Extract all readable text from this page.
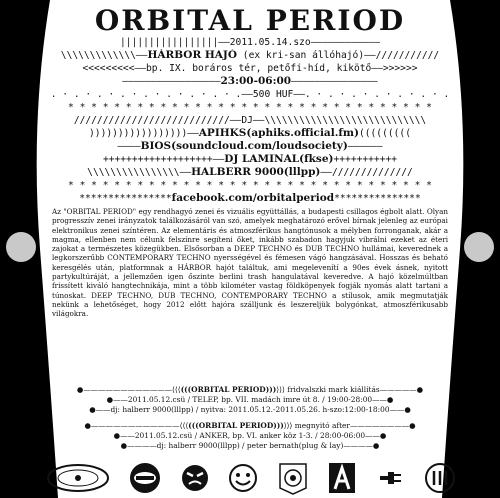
ORBITAL PERIOD
|||||||||||||||||——2011.05.14.szo————————————
\\\\\\\\\\\\\——HÁRBOR HAJÓ (ex kri-san állóhajó)——///////////
<<<<<<<<<——bp. IX. boráros tér, petőfi-híd, kikötő——>>>>>>
—————————————————23:00-06:00———————————————
. · . · . · . · . · . · . · . · .——500 HUF——. · . · . · . · . · . · .
* * * * * * * * * * * * * * * * * * * * * * * * * * * * * * * *
///////////////////////////——DJ——\\\\\\\\\\\\\\\\\\\\\\\\\\\\
)))))))))))))))))——APIHKS(aphiks.official.fm)(((((((((
————BIOS(soundcloud.com/loudsociety)——————
+++++++++++++++++++——DJ LAMINAL(fkse)+++++++++++
\\\\\\\\\\\\\\\\——HALBERR 9000(lllpp)——//////////////
* * * * * * * * * * * * * * * * * * * * * * * * * * * * * * * *
****************facebook.com/orbitalperiod***************
Az "ORBITAL PERIOD" egy rendhagyó zenei és vizuális együttállás, a budapesti csillagos égbolt alatt. Olyan progresszív zenei irányzatok találkozásáról van szó, amelyek meghatározó erővel bírnak jelenleg az európai elektronikus zenei színtéren. Az elementáris és atmoszférikus hangtónusok a mélyben forronganak, akár a magma, ellenben nem célunk felszínre segíteni őket, inkább szabadon hagyjuk vibrálni ezeket az éteri zajokat a természetes közegükben. Elsősorban a DEEP TECHNO és DUB TECHNO hullámai, keverednek a legkorszerűbb CONTEMPORARY TECHNO nyersségével és fémesen vágó hangzásával. Hosszas és beható keresgélés után, platformnak a HÁRBOR hajót találtuk, ami megelevenítí a 90es évek ásnek, nyitott partykultúráját, a jellemzően igen őszinte berlini trash hangulatával keveredve. A hajó közelmúltban frissített kiváló hangtechnikája, mint a több kilométer vastag földköpenyek fogják nyomás alatt tartani a túnoskat. DEEP TECHNO, DUB TECHNO, CONTEMPORARY TECHNO a stílusok, amik megmutatják nekünk a lehetőséget, hogy 2012 előtt hajóra szálljunk és leszereljük bolygónkat, atmoszférikusabb világokra.
●————————————⟨⟨⟨(((ORBITAL PERIOD)))⟩⟩⟩ fridvalszki mark kiállítás—————●
●——2011.05.12.csü / TELEP, bp. VII. madách imre út 8. / 19:00-28:00——●
●——dj: halberr 9000(lllpp) / nyitva: 2011.05.12.-2011.05.26. h-szo:12:00-18:00——●
●————————————⟨⟨⟨(((ORBITAL PERIOD)))⟩⟩⟩ megnyitó after————————●
●——2011.05.12.csü / ANKER, bp. VI. anker köz 1-3. / 28:00-06:00——●
●————dj: halberr 9000(lllpp) / peter bernath(plug & lay)————●
